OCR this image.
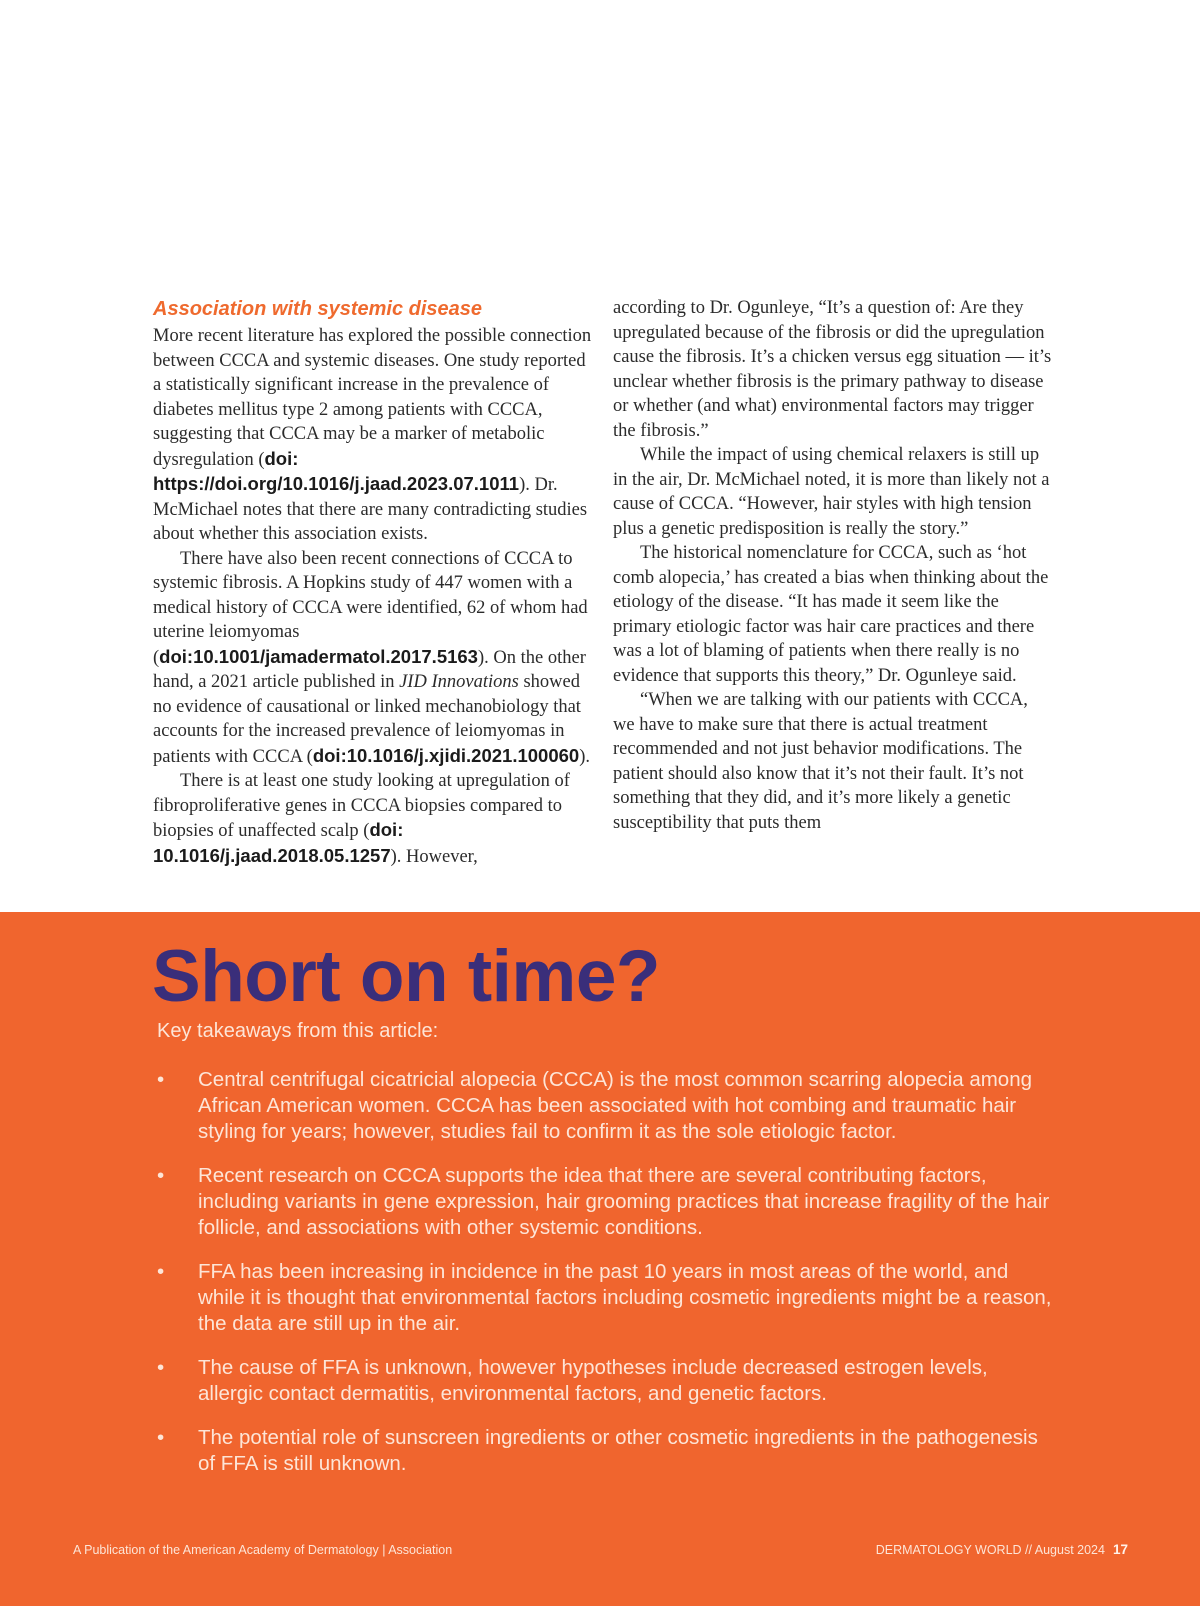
Association with systemic disease

More recent literature has explored the possible connection between CCCA and systemic diseases. One study reported a statistically significant increase in the prevalence of diabetes mellitus type 2 among patients with CCCA, suggesting that CCCA may be a marker of metabolic dysregulation (doi: https://doi.org/10.1016/j.jaad.2023.07.1011). Dr. McMichael notes that there are many contradicting studies about whether this association exists.

There have also been recent connections of CCCA to systemic fibrosis. A Hopkins study of 447 women with a medical history of CCCA were identified, 62 of whom had uterine leiomyomas (doi:10.1001/jamadermatol.2017.5163). On the other hand, a 2021 article published in JID Innovations showed no evidence of causational or linked mechanobiology that accounts for the increased prevalence of leiomyomas in patients with CCCA (doi:10.1016/j.xjidi.2021.100060).

There is at least one study looking at upregulation of fibroproliferative genes in CCCA biopsies compared to biopsies of unaffected scalp (doi: 10.1016/j.jaad.2018.05.1257). However,

according to Dr. Ogunleye, “It’s a question of: Are they upregulated because of the fibrosis or did the upregulation cause the fibrosis. It’s a chicken versus egg situation — it’s unclear whether fibrosis is the primary pathway to disease or whether (and what) environmental factors may trigger the fibrosis.”

While the impact of using chemical relaxers is still up in the air, Dr. McMichael noted, it is more than likely not a cause of CCCA. “However, hair styles with high tension plus a genetic predisposition is really the story.”

The historical nomenclature for CCCA, such as ‘hot comb alopecia,’ has created a bias when thinking about the etiology of the disease. “It has made it seem like the primary etiologic factor was hair care practices and there was a lot of blaming of patients when there really is no evidence that supports this theory,” Dr. Ogunleye said.

“When we are talking with our patients with CCCA, we have to make sure that there is actual treatment recommended and not just behavior modifications. The patient should also know that it’s not their fault. It’s not something that they did, and it’s more likely a genetic susceptibility that puts them

Short on time?
Key takeaways from this article:
• Central centrifugal cicatricial alopecia (CCCA) is the most common scarring alopecia among African American women. CCCA has been associated with hot combing and traumatic hair styling for years; however, studies fail to confirm it as the sole etiologic factor.
• Recent research on CCCA supports the idea that there are several contributing factors, including variants in gene expression, hair grooming practices that increase fragility of the hair follicle, and associations with other systemic conditions.
• FFA has been increasing in incidence in the past 10 years in most areas of the world, and while it is thought that environmental factors including cosmetic ingredients might be a reason, the data are still up in the air.
• The cause of FFA is unknown, however hypotheses include decreased estrogen levels, allergic contact dermatitis, environmental factors, and genetic factors.
• The potential role of sunscreen ingredients or other cosmetic ingredients in the pathogenesis of FFA is still unknown.
A Publication of the American Academy of Dermatology | Association	DERMATOLOGY WORLD // August 2024 17
